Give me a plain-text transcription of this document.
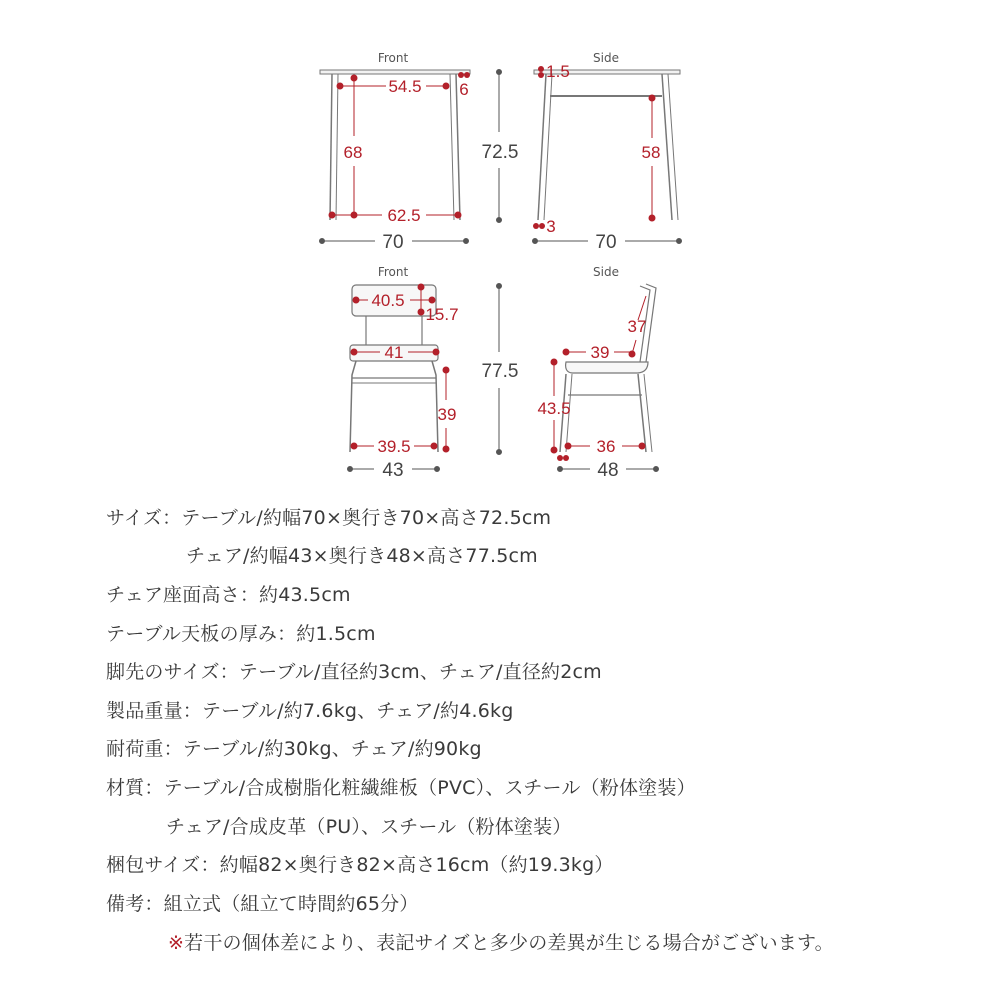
Front
54.5 6
68
62.5
70
72.5
Side
1.5
58
3
70
Front
40.5
15.7
41
39
39.5
43
77.5
Side
37
39
43.5
36
48
サイズ：テーブル/約幅70×奥行き70×高さ72.5cm
チェア/約幅43×奥行き48×高さ77.5cm
チェア座面高さ：約43.5cm
テーブル天板の厚み：約1.5cm
脚先のサイズ：テーブル/直径約3cm、チェア/直径約2cm
製品重量：テーブル/約7.6kg、チェア/約4.6kg
耐荷重：テーブル/約30kg、チェア/約90kg
材質：テーブル/合成樹脂化粧繊維板（PVC）、スチール（粉体塗装）
チェア/合成皮革（PU）、スチール（粉体塗装）
梱包サイズ：約幅82×奥行き82×高さ16cm（約19.3kg）
備考：組立式（組立て時間約65分）
※若干の個体差により、表記サイズと多少の差異が生じる場合がございます。
